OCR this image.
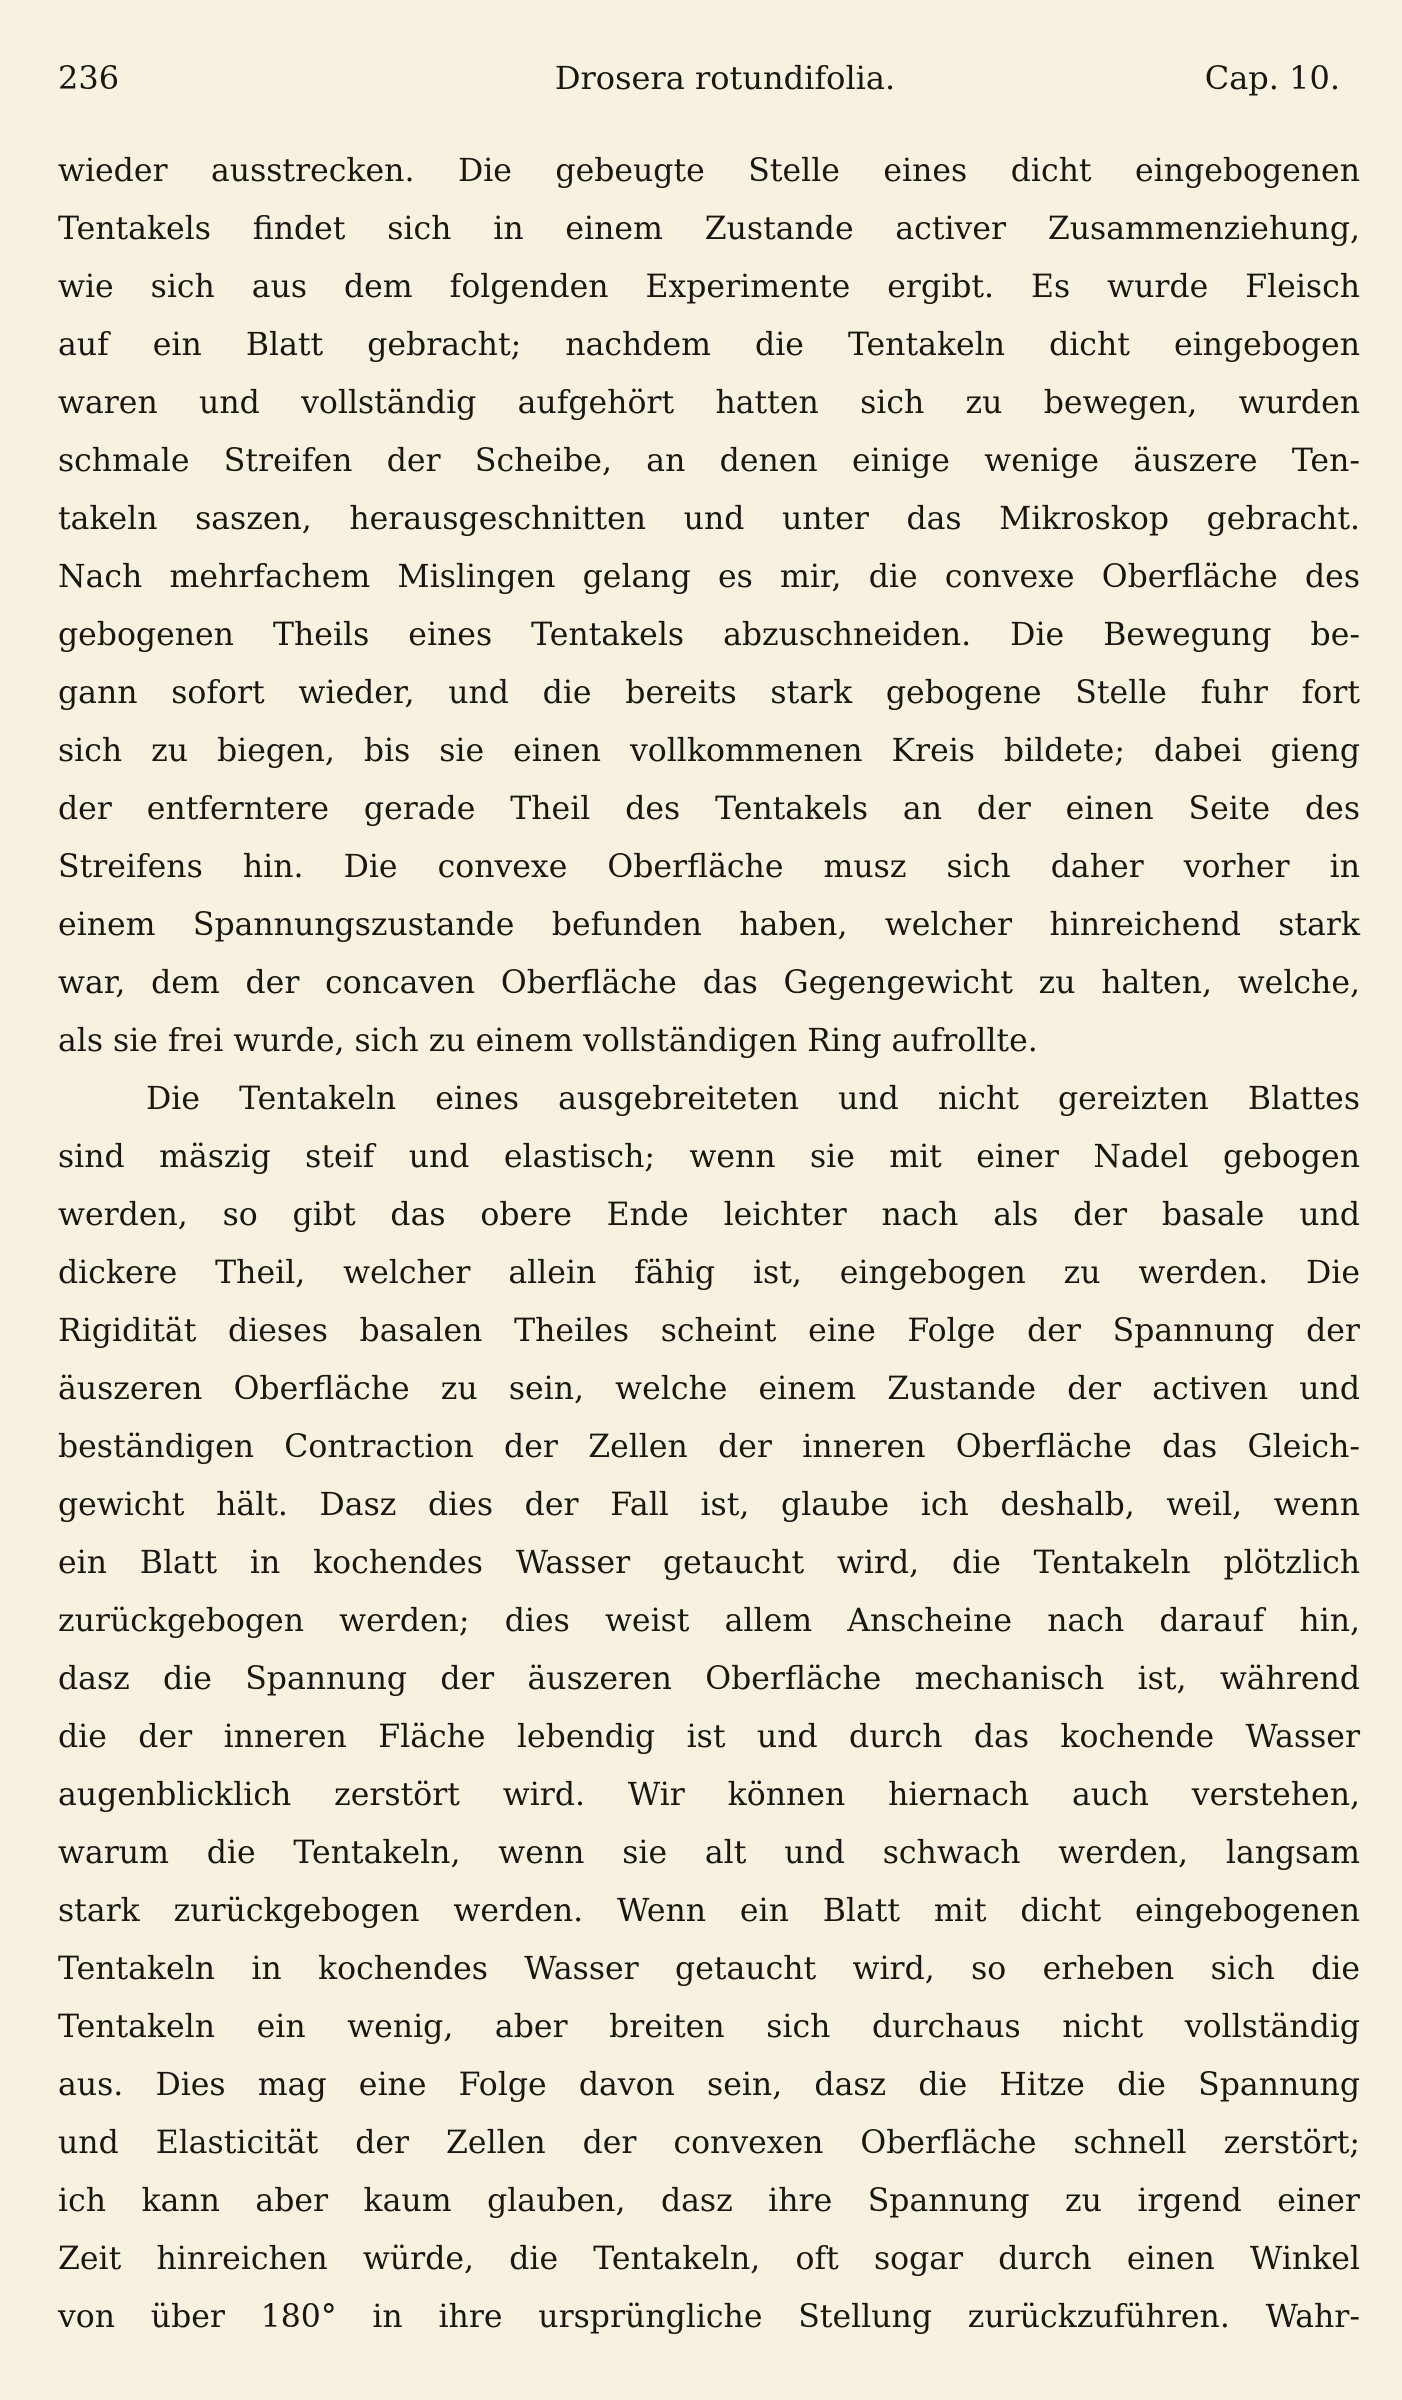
236	Drosera rotundifolia.	Cap. 10.
wieder ausstrecken. Die gebeugte Stelle eines dicht eingebogenen
Tentakels findet sich in einem Zustande activer Zusammenziehung,
wie sich aus dem folgenden Experimente ergibt. Es wurde Fleisch
auf ein Blatt gebracht; nachdem die Tentakeln dicht eingebogen
waren und vollständig aufgehört hatten sich zu bewegen, wurden
schmale Streifen der Scheibe, an denen einige wenige äuszere Ten-
takeln saszen, herausgeschnitten und unter das Mikroskop gebracht.
Nach mehrfachem Mislingen gelang es mir, die convexe Oberfläche des
gebogenen Theils eines Tentakels abzuschneiden. Die Bewegung be-
gann sofort wieder, und die bereits stark gebogene Stelle fuhr fort
sich zu biegen, bis sie einen vollkommenen Kreis bildete; dabei gieng
der entferntere gerade Theil des Tentakels an der einen Seite des
Streifens hin. Die convexe Oberfläche musz sich daher vorher in
einem Spannungszustande befunden haben, welcher hinreichend stark
war, dem der concaven Oberfläche das Gegengewicht zu halten, welche,
als sie frei wurde, sich zu einem vollständigen Ring aufrollte.
Die Tentakeln eines ausgebreiteten und nicht gereizten Blattes
sind mäszig steif und elastisch; wenn sie mit einer Nadel gebogen
werden, so gibt das obere Ende leichter nach als der basale und
dickere Theil, welcher allein fähig ist, eingebogen zu werden. Die
Rigidität dieses basalen Theiles scheint eine Folge der Spannung der
äuszeren Oberfläche zu sein, welche einem Zustande der activen und
beständigen Contraction der Zellen der inneren Oberfläche das Gleich-
gewicht hält. Dasz dies der Fall ist, glaube ich deshalb, weil, wenn
ein Blatt in kochendes Wasser getaucht wird, die Tentakeln plötzlich
zurückgebogen werden; dies weist allem Anscheine nach darauf hin,
dasz die Spannung der äuszeren Oberfläche mechanisch ist, während
die der inneren Fläche lebendig ist und durch das kochende Wasser
augenblicklich zerstört wird. Wir können hiernach auch verstehen,
warum die Tentakeln, wenn sie alt und schwach werden, langsam
stark zurückgebogen werden. Wenn ein Blatt mit dicht eingebogenen
Tentakeln in kochendes Wasser getaucht wird, so erheben sich die
Tentakeln ein wenig, aber breiten sich durchaus nicht vollständig
aus. Dies mag eine Folge davon sein, dasz die Hitze die Spannung
und Elasticität der Zellen der convexen Oberfläche schnell zerstört;
ich kann aber kaum glauben, dasz ihre Spannung zu irgend einer
Zeit hinreichen würde, die Tentakeln, oft sogar durch einen Winkel
von über 180° in ihre ursprüngliche Stellung zurückzuführen. Wahr-
